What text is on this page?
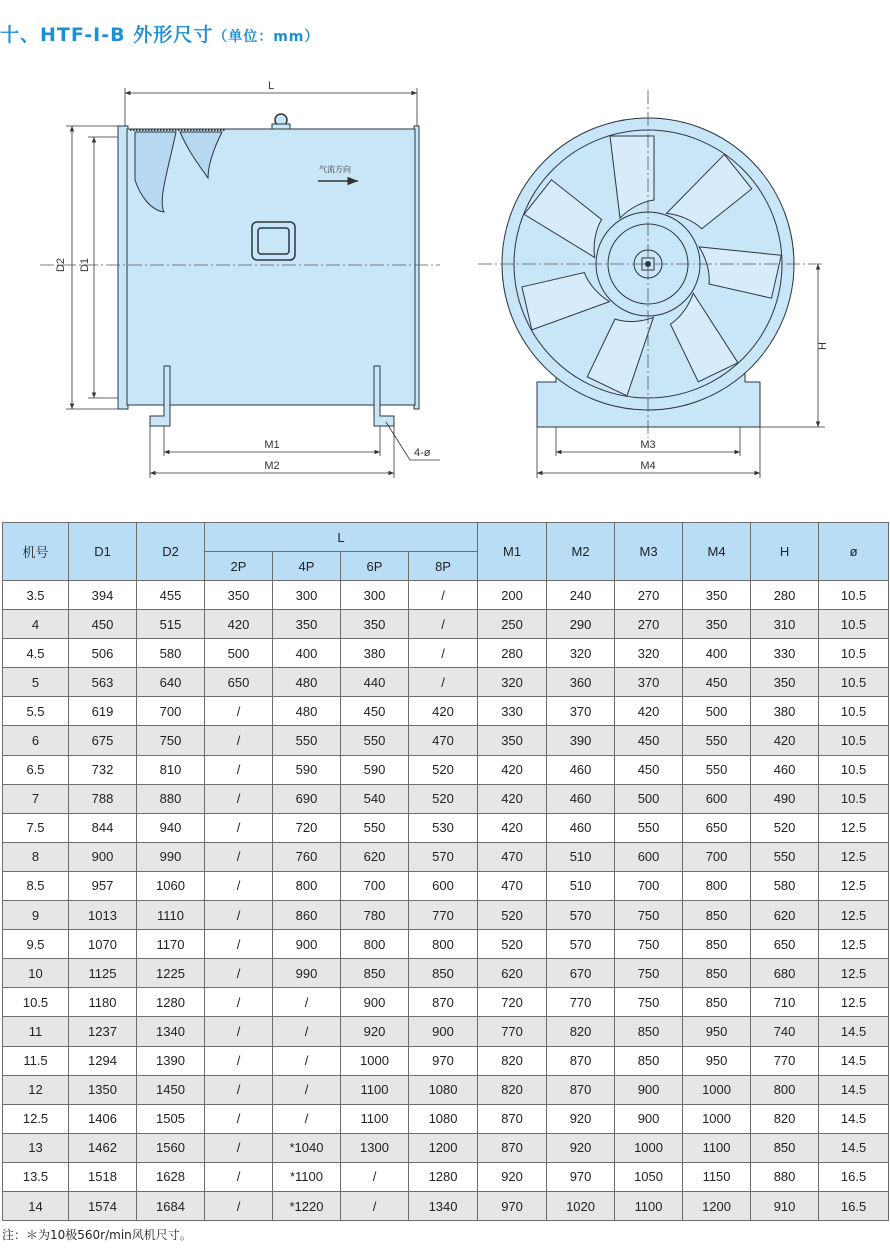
十、HTF-Ⅰ-B 外形尺寸（单位：mm）
气流方向
L
D2 D1
M1
M2
4-ø
H
M3
M4
机号	D1	D2	L				M1	M2	M3	M4	H	ø
			2P	4P	6P	8P						
3.5	394	455	350	300	300	/	200	240	270	350	280	10.5
4	450	515	420	350	350	/	250	290	270	350	310	10.5
4.5	506	580	500	400	380	/	280	320	320	400	330	10.5
5	563	640	650	480	440	/	320	360	370	450	350	10.5
5.5	619	700	/	480	450	420	330	370	420	500	380	10.5
6	675	750	/	550	550	470	350	390	450	550	420	10.5
6.5	732	810	/	590	590	520	420	460	450	550	460	10.5
7	788	880	/	690	540	520	420	460	500	600	490	10.5
7.5	844	940	/	720	550	530	420	460	550	650	520	12.5
8	900	990	/	760	620	570	470	510	600	700	550	12.5
8.5	957	1060	/	800	700	600	470	510	700	800	580	12.5
9	1013	1110	/	860	780	770	520	570	750	850	620	12.5
9.5	1070	1170	/	900	800	800	520	570	750	850	650	12.5
10	1125	1225	/	990	850	850	620	670	750	850	680	12.5
10.5	1180	1280	/	/	900	870	720	770	750	850	710	12.5
11	1237	1340	/	/	920	900	770	820	850	950	740	14.5
11.5	1294	1390	/	/	1000	970	820	870	850	950	770	14.5
12	1350	1450	/	/	1100	1080	820	870	900	1000	800	14.5
12.5	1406	1505	/	/	1100	1080	870	920	900	1000	820	14.5
13	1462	1560	/	*1040	1300	1200	870	920	1000	1100	850	14.5
13.5	1518	1628	/	*1100	/	1280	920	970	1050	1150	880	16.5
14	1574	1684	/	*1220	/	1340	970	1020	1100	1200	910	16.5
注：＊为10极560r/min风机尺寸。
